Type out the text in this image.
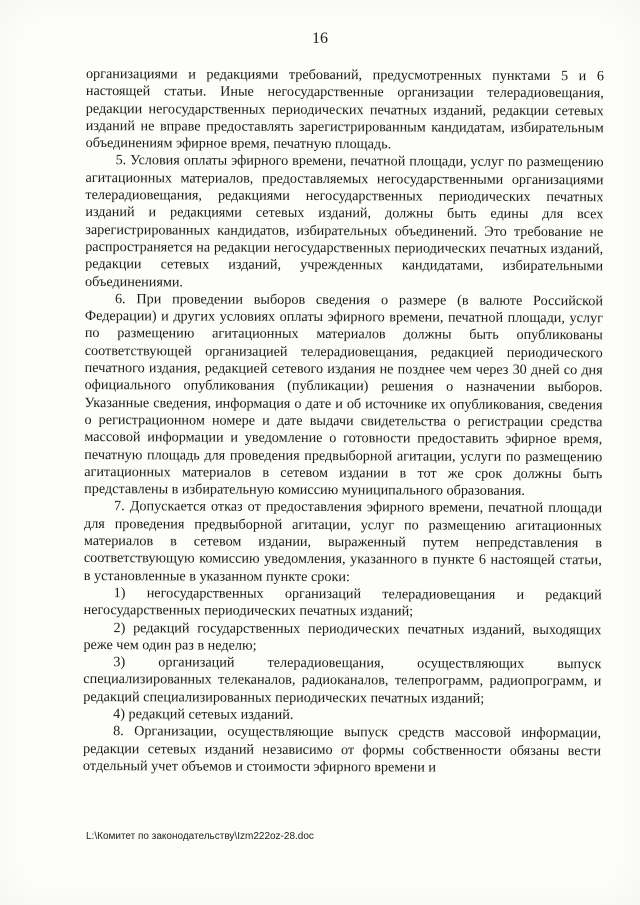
16

организациями и редакциями требований, предусмотренных пунктами 5 и 6 настоящей статьи. Иные негосударственные организации телерадиовещания, редакции негосударственных периодических печатных изданий, редакции сетевых изданий не вправе предоставлять зарегистрированным кандидатам, избирательным объединениям эфирное время, печатную площадь.

5. Условия оплаты эфирного времени, печатной площади, услуг по размещению агитационных материалов, предоставляемых негосударственными организациями телерадиовещания, редакциями негосударственных периодических печатных изданий и редакциями сетевых изданий, должны быть едины для всех зарегистрированных кандидатов, избирательных объединений. Это требование не распространяется на редакции негосударственных периодических печатных изданий, редакции сетевых изданий, учрежденных кандидатами, избирательными объединениями.

6. При проведении выборов сведения о размере (в валюте Российской Федерации) и других условиях оплаты эфирного времени, печатной площади, услуг по размещению агитационных материалов должны быть опубликованы соответствующей организацией телерадиовещания, редакцией периодического печатного издания, редакцией сетевого издания не позднее чем через 30 дней со дня официального опубликования (публикации) решения о назначении выборов. Указанные сведения, информация о дате и об источнике их опубликования, сведения о регистрационном номере и дате выдачи свидетельства о регистрации средства массовой информации и уведомление о готовности предоставить эфирное время, печатную площадь для проведения предвыборной агитации, услуги по размещению агитационных материалов в сетевом издании в тот же срок должны быть представлены в избирательную комиссию муниципального образования.

7. Допускается отказ от предоставления эфирного времени, печатной площади для проведения предвыборной агитации, услуг по размещению агитационных материалов в сетевом издании, выраженный путем непредставления в соответствующую комиссию уведомления, указанного в пункте 6 настоящей статьи, в установленные в указанном пункте сроки:

1) негосударственных организаций телерадиовещания и редакций негосударственных периодических печатных изданий;

2) редакций государственных периодических печатных изданий, выходящих реже чем один раз в неделю;

3) организаций телерадиовещания, осуществляющих выпуск специализированных телеканалов, радиоканалов, телепрограмм, радиопрограмм, и редакций специализированных периодических печатных изданий;

4) редакций сетевых изданий.

8. Организации, осуществляющие выпуск средств массовой информации, редакции сетевых изданий независимо от формы собственности обязаны вести отдельный учет объемов и стоимости эфирного времени и

L:\Комитет по законодательству\Izm222oz-28.doc
